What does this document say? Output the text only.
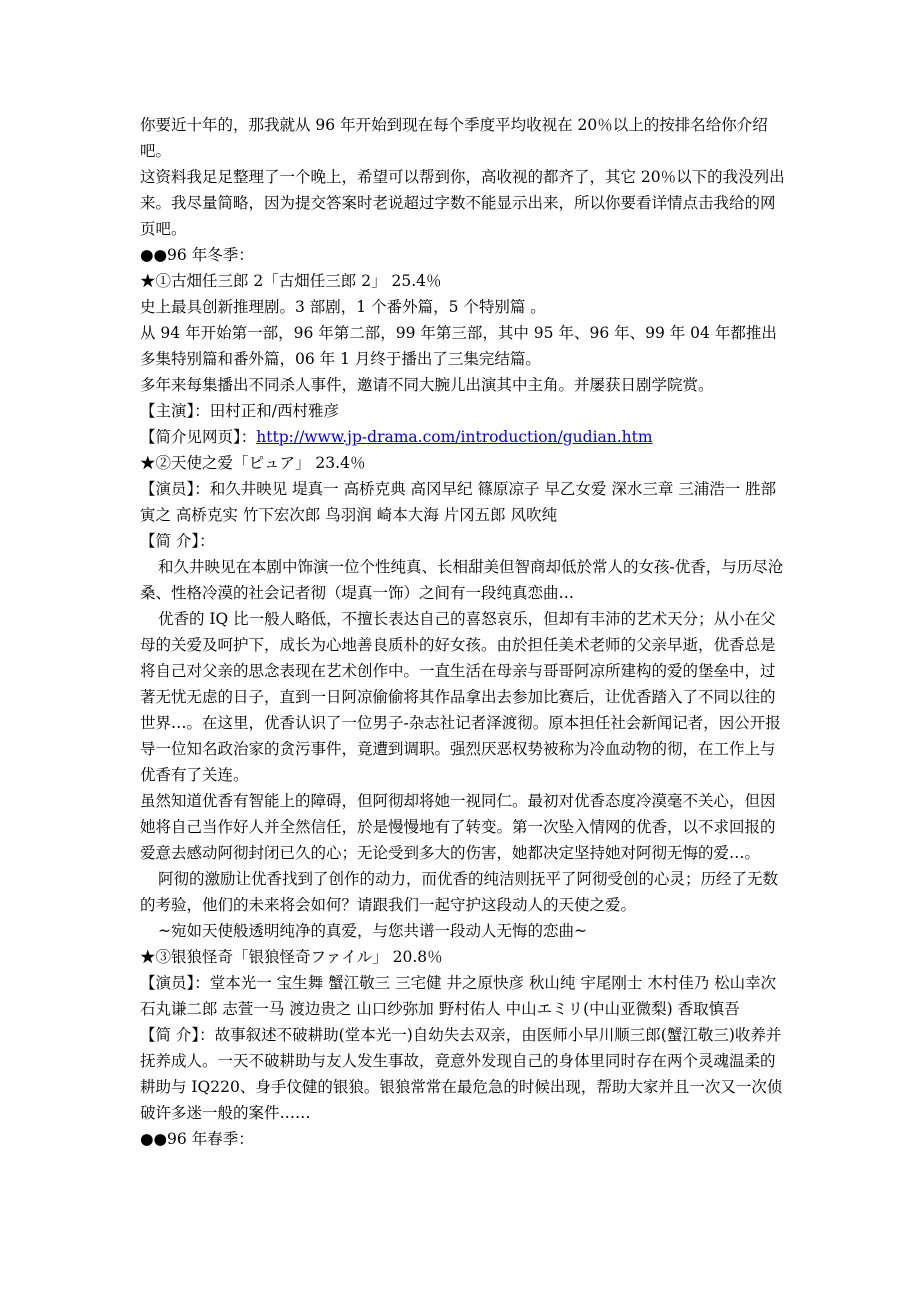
你要近十年的，那我就从 96 年开始到现在每个季度平均收视在 20％以上的按排名给你介绍吧。

这资料我足足整理了一个晚上，希望可以帮到你，高收视的都齐了，其它 20％以下的我没列出来。我尽量简略，因为提交答案时老说超过字数不能显示出来，所以你要看详情点击我给的网页吧。

●●96 年冬季：

★①古畑任三郎 2「古畑任三郎 2」 25.4％

史上最具创新推理剧。3 部剧，1 个番外篇，5 个特别篇 。

从 94 年开始第一部，96 年第二部，99 年第三部，其中 95 年、96 年、99 年 04 年都推出多集特别篇和番外篇，06 年 1 月终于播出了三集完结篇。

多年来每集播出不同杀人事件，邀请不同大腕儿出演其中主角。并屡获日剧学院赏。

【主演】：田村正和/西村雅彦

【简介见网页】：http://www.jp-drama.com/introduction/gudian.htm

★②天使之爱「ピュア」 23.4％

【演员】：和久井映见 堤真一 高桥克典 高冈早纪 篠原凉子 早乙女爱 深水三章 三浦浩一 胜部寅之 高桥克实 竹下宏次郎 鸟羽润 崎本大海 片冈五郎 风吹纯

【简 介】：

和久井映见在本剧中饰演一位个性纯真、长相甜美但智商却低於常人的女孩-优香，与历尽沧桑、性格冷漠的社会记者彻（堤真一饰）之间有一段纯真恋曲…

优香的 IQ 比一般人略低，不擅长表达自己的喜怒哀乐，但却有丰沛的艺术天分；从小在父母的关爱及呵护下，成长为心地善良质朴的好女孩。由於担任美术老师的父亲早逝，优香总是将自己对父亲的思念表现在艺术创作中。一直生活在母亲与哥哥阿凉所建构的爱的堡垒中，过著无忧无虑的日子，直到一日阿凉偷偷将其作品拿出去参加比赛后，让优香踏入了不同以往的世界…。在这里，优香认识了一位男子-杂志社记者泽渡彻。原本担任社会新闻记者，因公开报导一位知名政治家的贪污事件，竟遭到调职。强烈厌恶权势被称为冷血动物的彻，在工作上与优香有了关连。

虽然知道优香有智能上的障碍，但阿彻却将她一视同仁。最初对优香态度冷漠毫不关心，但因她将自己当作好人并全然信任，於是慢慢地有了转变。第一次坠入情网的优香，以不求回报的爱意去感动阿彻封闭已久的心；无论受到多大的伤害，她都决定坚持她对阿彻无悔的爱…。

阿彻的激励让优香找到了创作的动力，而优香的纯洁则抚平了阿彻受创的心灵；历经了无数的考验，他们的未来将会如何？请跟我们一起守护这段动人的天使之爱。

~宛如天使般透明纯净的真爱，与您共谱一段动人无悔的恋曲~

★③银狼怪奇「银狼怪奇ファイル」 20.8％

【演员】：堂本光一 宝生舞 蟹江敬三 三宅健 井之原快彦 秋山纯 宇尾刚士 木村佳乃 松山幸次 石丸谦二郎 志萱一马 渡边贵之 山口纱弥加 野村佑人 中山エミリ(中山亚微梨) 香取慎吾

【简 介】：故事叙述不破耕助(堂本光一)自幼失去双亲，由医师小早川顺三郎(蟹江敬三)收养并抚养成人。一天不破耕助与友人发生事故，竟意外发现自己的身体里同时存在两个灵魂温柔的耕助与 IQ220、身手伩健的银狼。银狼常常在最危急的时候出现，帮助大家并且一次又一次侦破许多迷一般的案件……

●●96 年春季：
